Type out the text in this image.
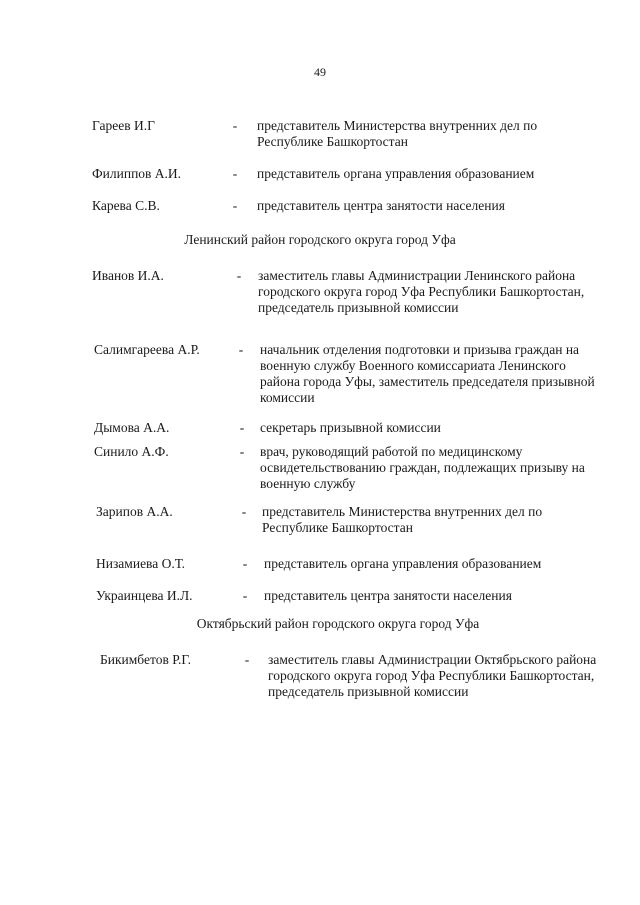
49
Гареев И.Г	- представитель Министерства внутренних дел по Республике Башкортостан
Филиппов А.И.	- представитель органа управления образованием
Карева С.В.	- представитель центра занятости населения
Ленинский район городского округа город Уфа
Иванов И.А.	- заместитель главы Администрации Ленинского района городского округа город Уфа Республики Башкортостан, председатель призывной комиссии
Салимгареева А.Р.	- начальник отделения подготовки и призыва граждан на военную службу Военного комиссариата Ленинского района города Уфы, заместитель председателя призывной комиссии
Дымова А.А.	- секретарь призывной комиссии
Синило А.Ф.	- врач, руководящий работой по медицинскому освидетельствованию граждан, подлежащих призыву на военную службу
Зарипов А.А.	- представитель Министерства внутренних дел по Республике Башкортостан
Низамиева О.Т.	- представитель органа управления образованием
Украинцева И.Л.	- представитель центра занятости населения
Октябрьский район городского округа город Уфа
Бикимбетов Р.Г.	- заместитель главы Администрации Октябрьского района городского округа город Уфа Республики Башкортостан, председатель призывной комиссии
